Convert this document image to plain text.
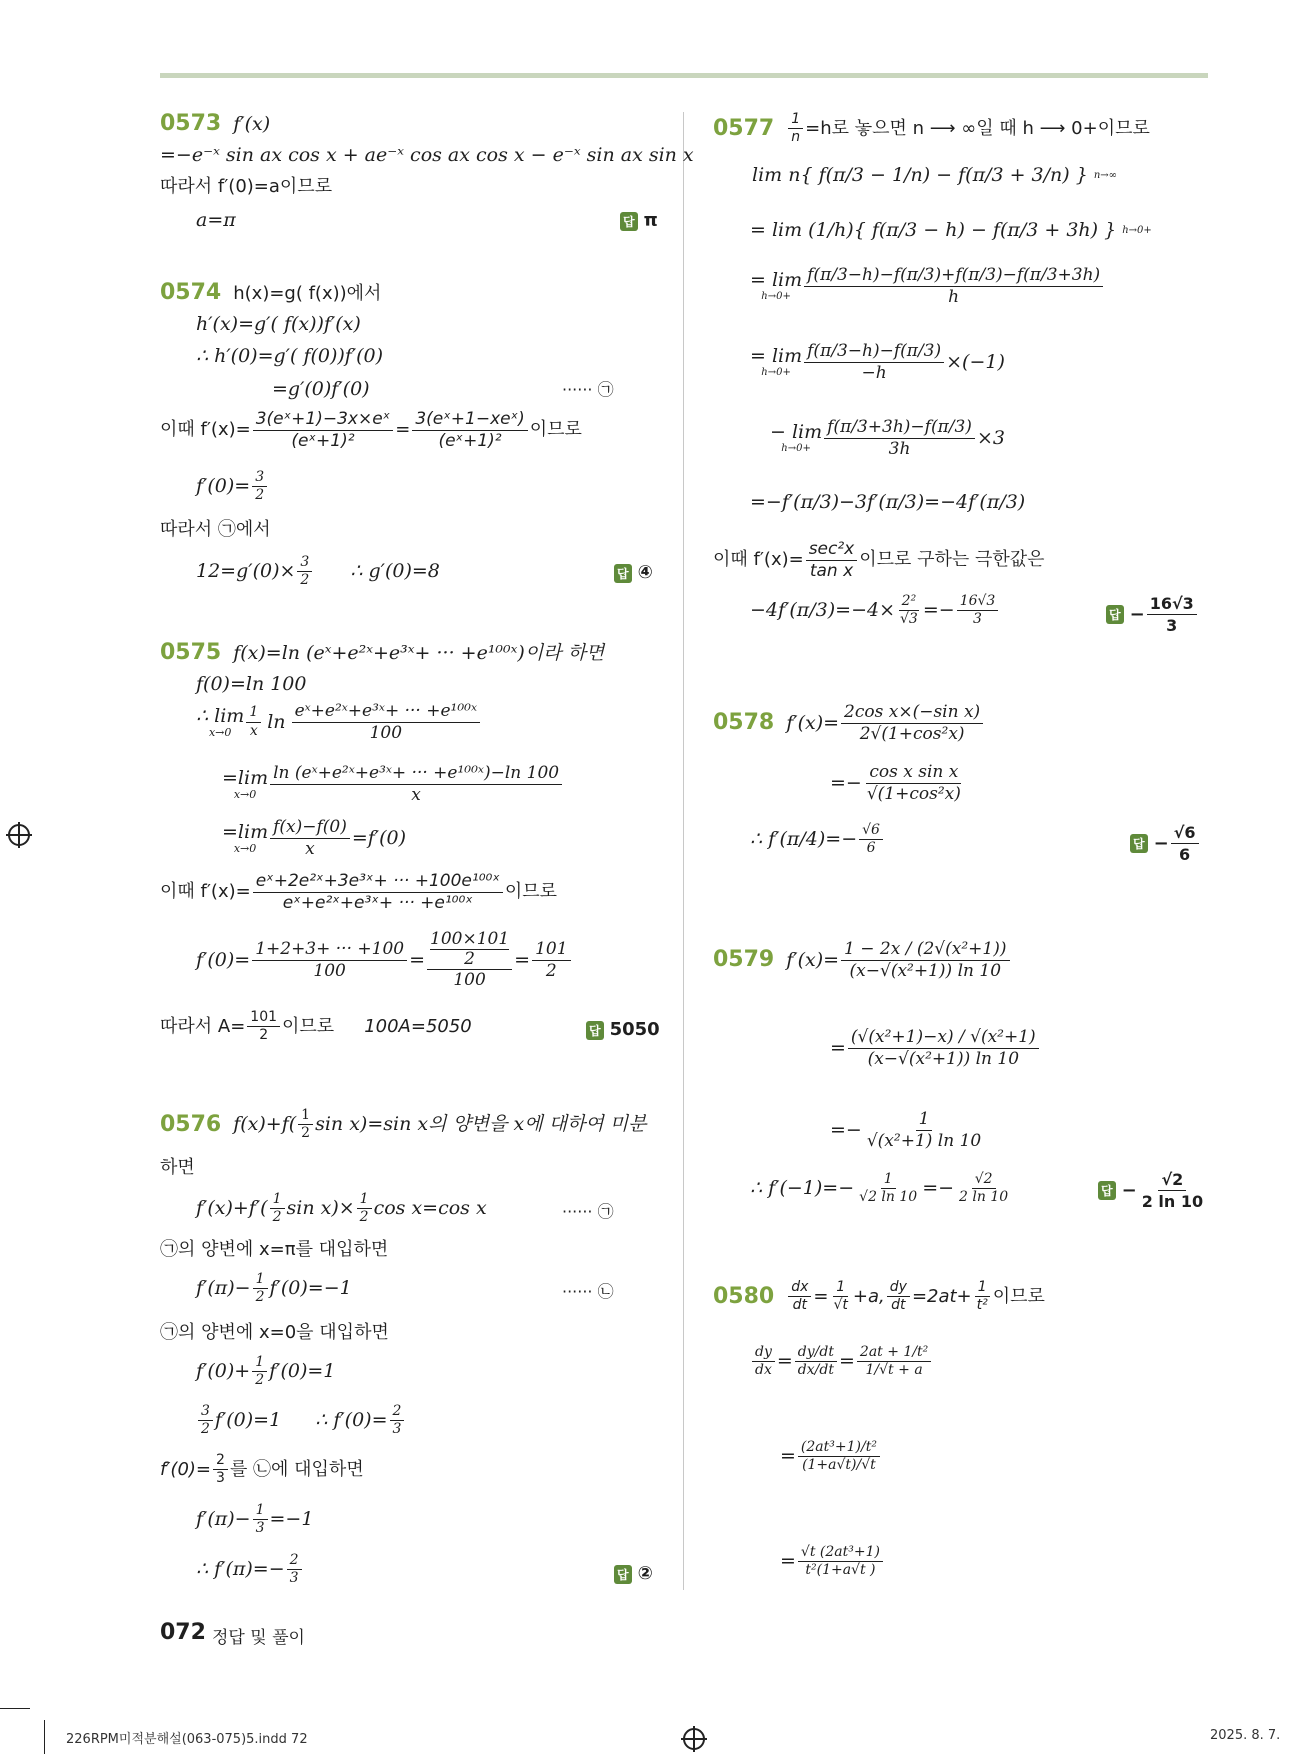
0573 f′(x)
=−e⁻ˣ sin ax cos x + ae⁻ˣ cos ax cos x − e⁻ˣ sin ax sin x
따라서 f′(0)=a이므로
a=π	답 π
0574 h(x)=g( f(x))에서
h′(x)=g′( f(x))f′(x)
∴ h′(0)=g′( f(0))f′(0)
=g′(0)f′(0)	······ ㉠
이때 $f'(x)= \frac{\text{3(eˣ+1)−3x×eˣ}}{\text{(eˣ+1)²}} = \frac{\text{3(eˣ+1−xeˣ)}}{\text{(eˣ+1)²}}$ 이므로
$f'(0)= \frac{3}{2}$
따라서 ㉠에서
$12=g'(0)\times \frac{3}{2}$ ∴ g′(0)=8	답 ④
0575 f(x)=ln (eˣ+e²ˣ+e³ˣ+ ··· +e¹⁰⁰ˣ)이라 하면
f(0)=ln 100
∴ lim
$x\to 0 \frac{1}{x}$ $\ln \frac{\text{eˣ+e²ˣ+e³ˣ+ ··· +e¹⁰⁰ˣ}}{100}$
=lim
$x\to 0 \frac{\text{ln (eˣ+e²ˣ+e³ˣ+ ··· +e¹⁰⁰ˣ)−ln 100}}{x}$
=lim
$x\to 0 \frac{f(x)-f(0)}{x} =f'(0)$
이때 $f'(x)= \frac{\text{eˣ+2e²ˣ+3e³ˣ+ ··· +100e¹⁰⁰ˣ}}{\text{eˣ+e²ˣ+e³ˣ+ ··· +e¹⁰⁰ˣ}}$ 이므로
$f'(0)= \frac{1+2+3+ \cdot\cdot\cdot +100}{100} = 100\times 101$
2
$100 = \frac{101}{2}$
따라서 $A= \frac{101}{2}$ 이므로 100A=5050	답 5050
0576 $f(x)+f( \frac{1}{2}$ sin x)=sin x의 양변을 x에 대하여 미분
하면
$f'(x)+f'( \frac{1}{2}$ $\sin x)\times \frac{1}{2}$ cos x=cos x	······ ㉠
㉠의 양변에 x=π를 대입하면
$f'(\pi)- \frac{1}{2} f'(0)=-1$	······ ㉡
㉠의 양변에 x=0을 대입하면
$f'(0)+ \frac{1}{2} f'(0)=1$
$\frac{3}{2} f'(0)=1$ ∴ $f'(0)= \frac{2}{3}$
$f'(0)= \frac{2}{3}$ 를 ㉡에 대입하면
$f'(\pi)- \frac{1}{3} =-1$
∴ $f'(\pi)=- \frac{2}{3}$	답 ②
$0577 \frac{1}{n} =h$로 놓으면 n ⟶ ∞일 때 h ⟶ 0+이므로
lim n{ f(π/3 − 1/n) − f(π/3 + 3/n) } n→∞
= lim (1/h){ f(π/3 − h) − f(π/3 + 3h) } h→0+
= lim
$h\to 0+ \frac{f(\pi/3-h)-f(\pi/3)+f(\pi/3)-f(\pi/3+3h)}{h}$
= lim
$h\to 0+ \frac{f(\pi/3-h)-f(\pi/3)}{-h} \times(-1)$
− lim
$h\to 0+ \frac{f(\pi/3+3h)-f(\pi/3)}{3h} \times 3$
=−f′(π/3)−3f′(π/3)=−4f′(π/3)
이때 $f'(x)= \frac{\text{sec²x}}{\text{tan x}}$ 이므로 구하는 극한값은
$-4f'(\pi/3)=-4\times \frac{\text{2²}}{√3} =- \frac{16√3}{3}$	답 − $\frac{16√3}{3}$
0578 $f'(x)= \frac{\text{2cos x×(−sin x)}}{\text{2√(1+cos²x)}}$
=− $\frac{\text{cos x sin x}}{\text{√(1+cos²x)}}$
∴ $f'(\pi/4)=- \frac{√6}{6}$	답 − $\frac{√6}{6}$
0579 $f'(x)= \frac{\text{1 − 2x / (2√(x²+1))}}{\text{(x−√(x²+1)) ln 10}}$
= $\frac{\text{(√(x²+1)−x) / √(x²+1)}}{\text{(x−√(x²+1)) ln 10}}$
=− $\frac{1}{\text{√(x²+1) ln 10}}$
∴ $f'(-1)=- \frac{1}{√2 \ln 10} =- \frac{√2}{2 \ln 10}$	답 − $\frac{√2}{2 \ln 10}$
$0580 \frac{dx}{dt} = \frac{1}{√t} +a$, $\frac{dy}{dt} =2at+ \frac{1}{\text{t²}}$ 이므로
$\frac{dy}{dx} = \frac{dy/dt}{dx/dt} = \frac{\text{2at + 1/t²}}{1/√t + a}$
= $\frac{\text{(2at³+1)/t²}}{(1+a√t)/√t}$
= $\frac{\text{√t (2at³+1)}}{\text{t²(1+a√t )}}$
072 정답 및 풀이
226RPM미적분해설(063-075)5.indd 72	2025. 8. 7.
